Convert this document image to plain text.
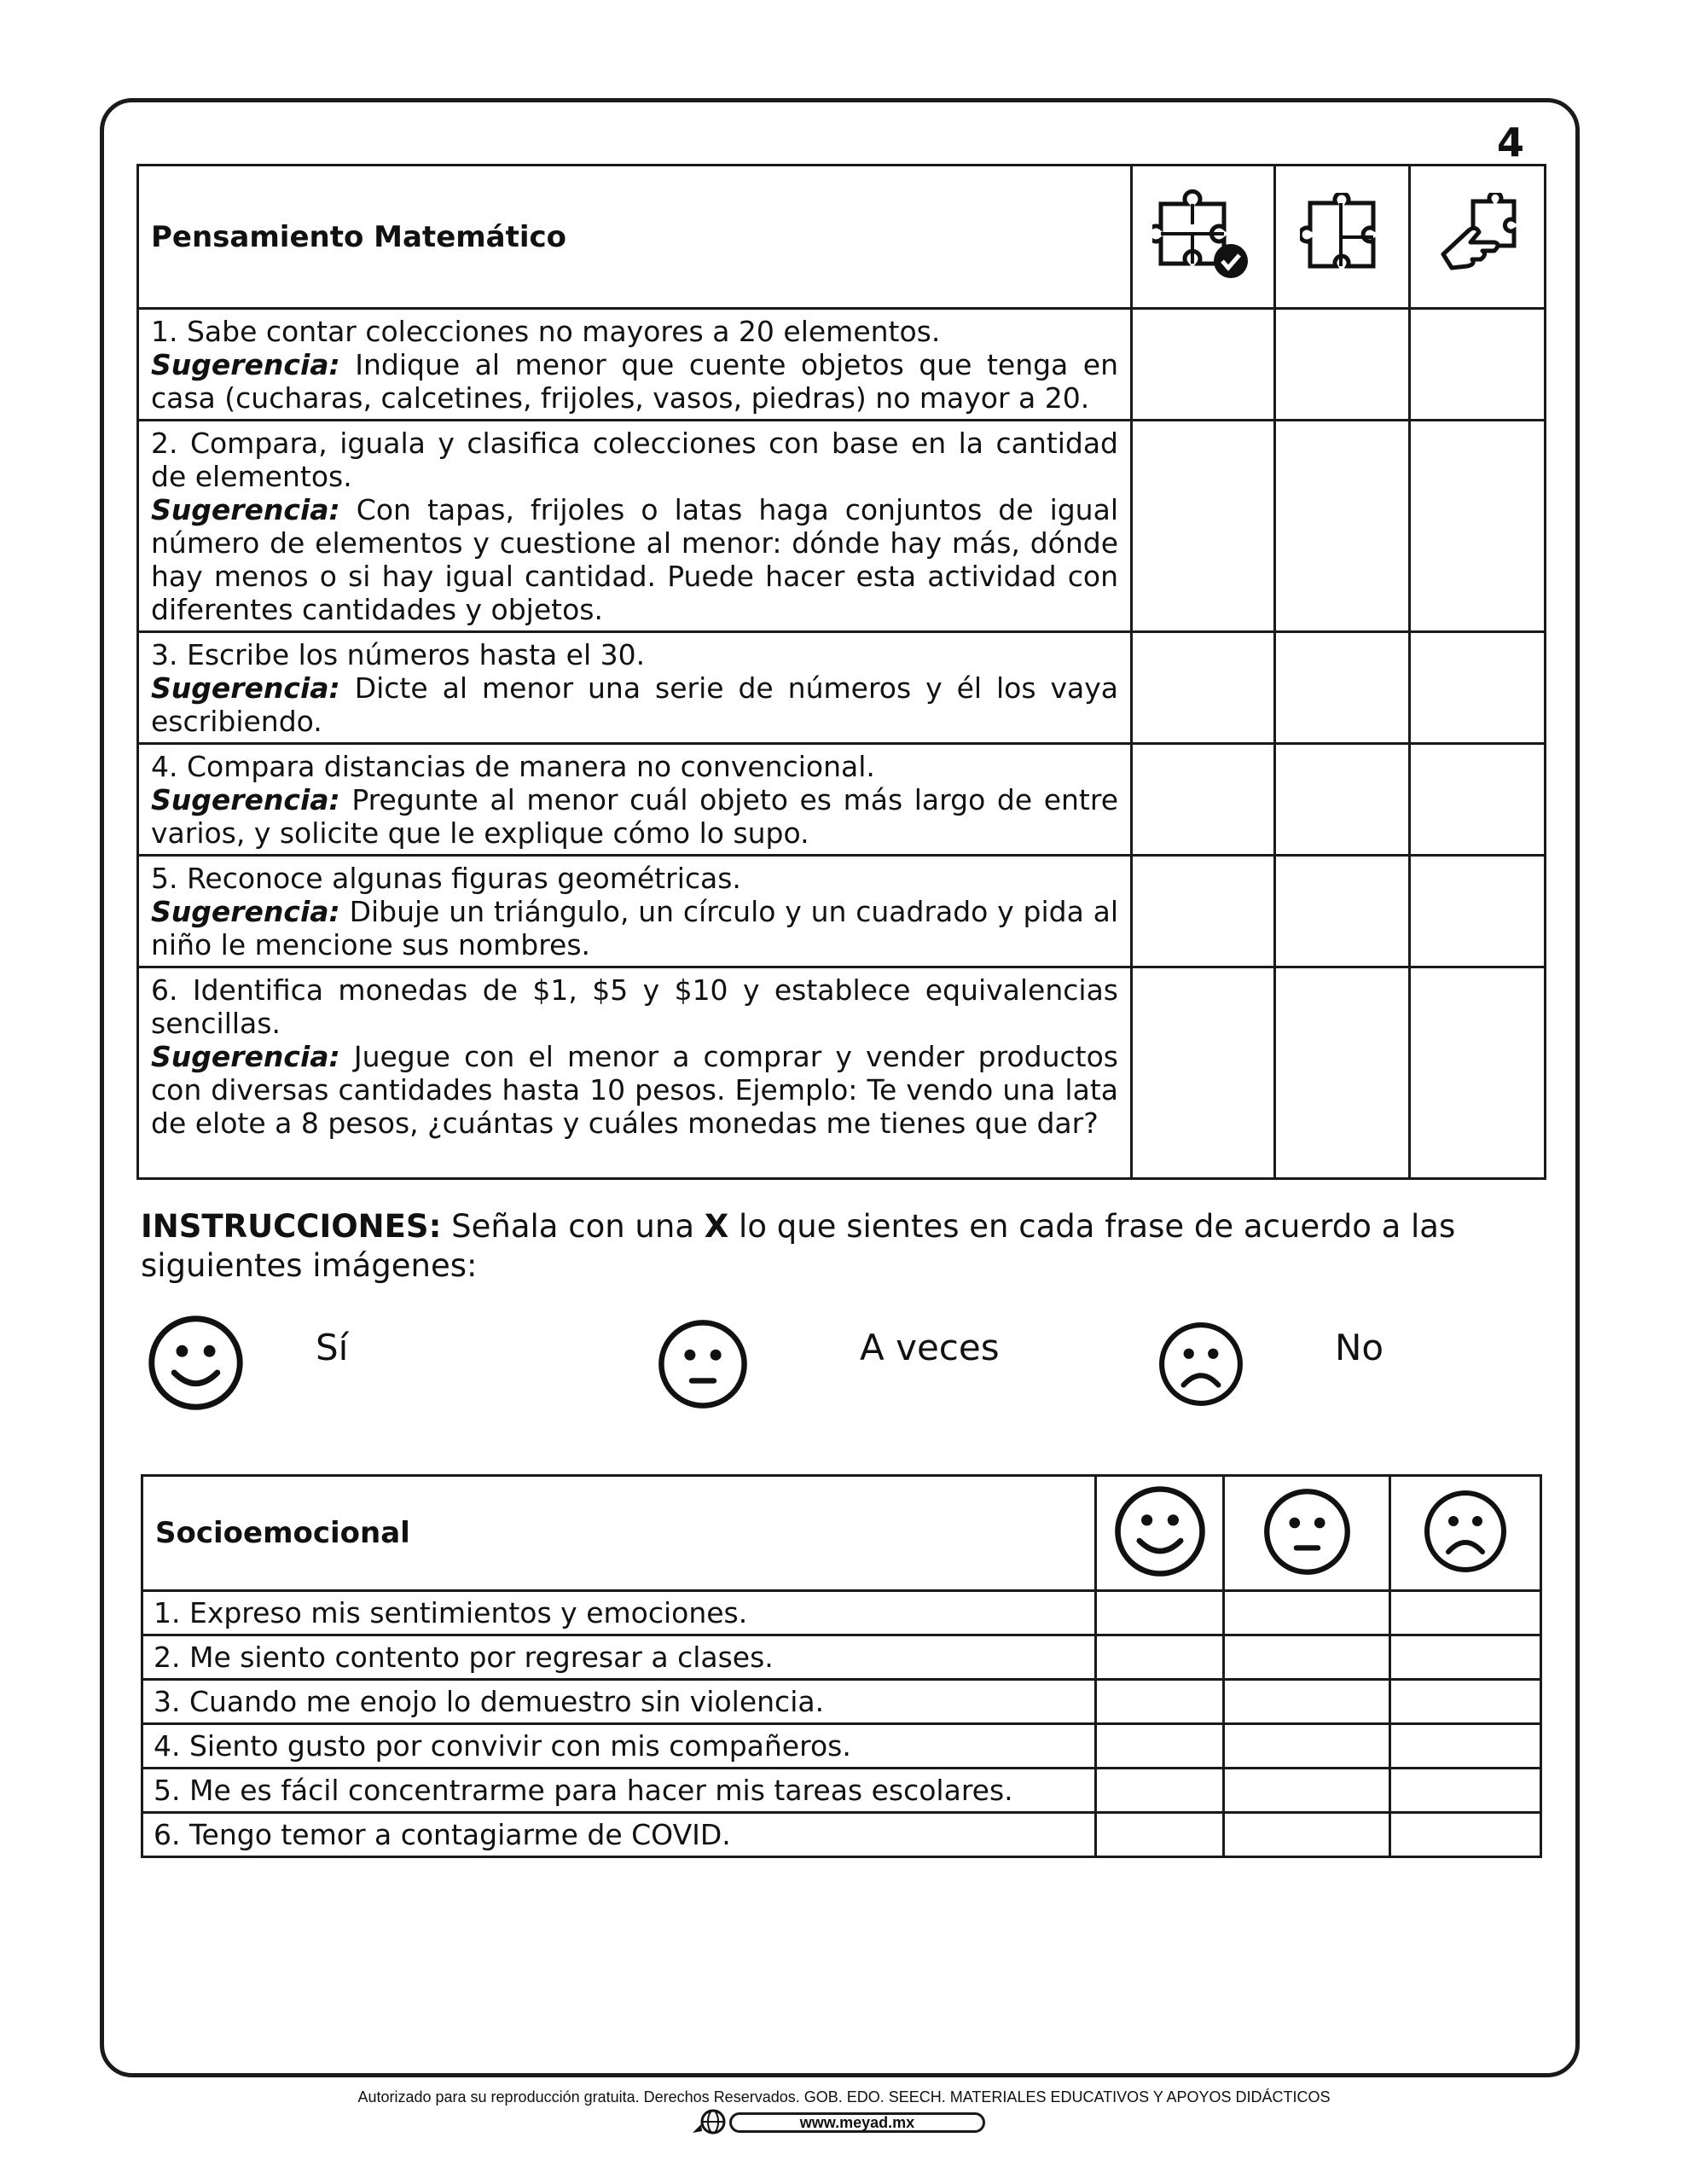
4
Pensamiento Matemático			
1. Sabe contar colecciones no mayores a 20 elementos.
Sugerencia: Indique al menor que cuente objetos que tenga en casa (cucharas, calcetines, frijoles, vasos, piedras) no mayor a 20.			
2. Compara, iguala y clasifica colecciones con base en la cantidad de elementos.
Sugerencia: Con tapas, frijoles o latas haga conjuntos de igual número de elementos y cuestione al menor: dónde hay más, dónde hay menos o si hay igual cantidad. Puede hacer esta actividad con diferentes cantidades y objetos.			
3. Escribe los números hasta el 30.
Sugerencia: Dicte al menor una serie de números y él los vaya escribiendo.			
4. Compara distancias de manera no convencional.
Sugerencia: Pregunte al menor cuál objeto es más largo de entre varios, y solicite que le explique cómo lo supo.			
5. Reconoce algunas figuras geométricas.
Sugerencia: Dibuje un triángulo, un círculo y un cuadrado y pida al niño le mencione sus nombres.			
6. Identifica monedas de $1, $5 y $10 y establece equivalencias sencillas.
Sugerencia: Juegue con el menor a comprar y vender productos con diversas cantidades hasta 10 pesos. Ejemplo: Te vendo una lata de elote a 8 pesos, ¿cuántas y cuáles monedas me tienes que dar?			
INSTRUCCIONES: Señala con una X lo que sientes en cada frase de acuerdo a las siguientes imágenes:
Sí	A veces	No
Socioemocional			
1. Expreso mis sentimientos y emociones.			
2. Me siento contento por regresar a clases.			
3. Cuando me enojo lo demuestro sin violencia.			
4. Siento gusto por convivir con mis compañeros.			
5. Me es fácil concentrarme para hacer mis tareas escolares.			
6. Tengo temor a contagiarme de COVID.			
Autorizado para su reproducción gratuita. Derechos Reservados. GOB. EDO. SEECH. MATERIALES EDUCATIVOS Y APOYOS DIDÁCTICOS
www.meyad.mx
